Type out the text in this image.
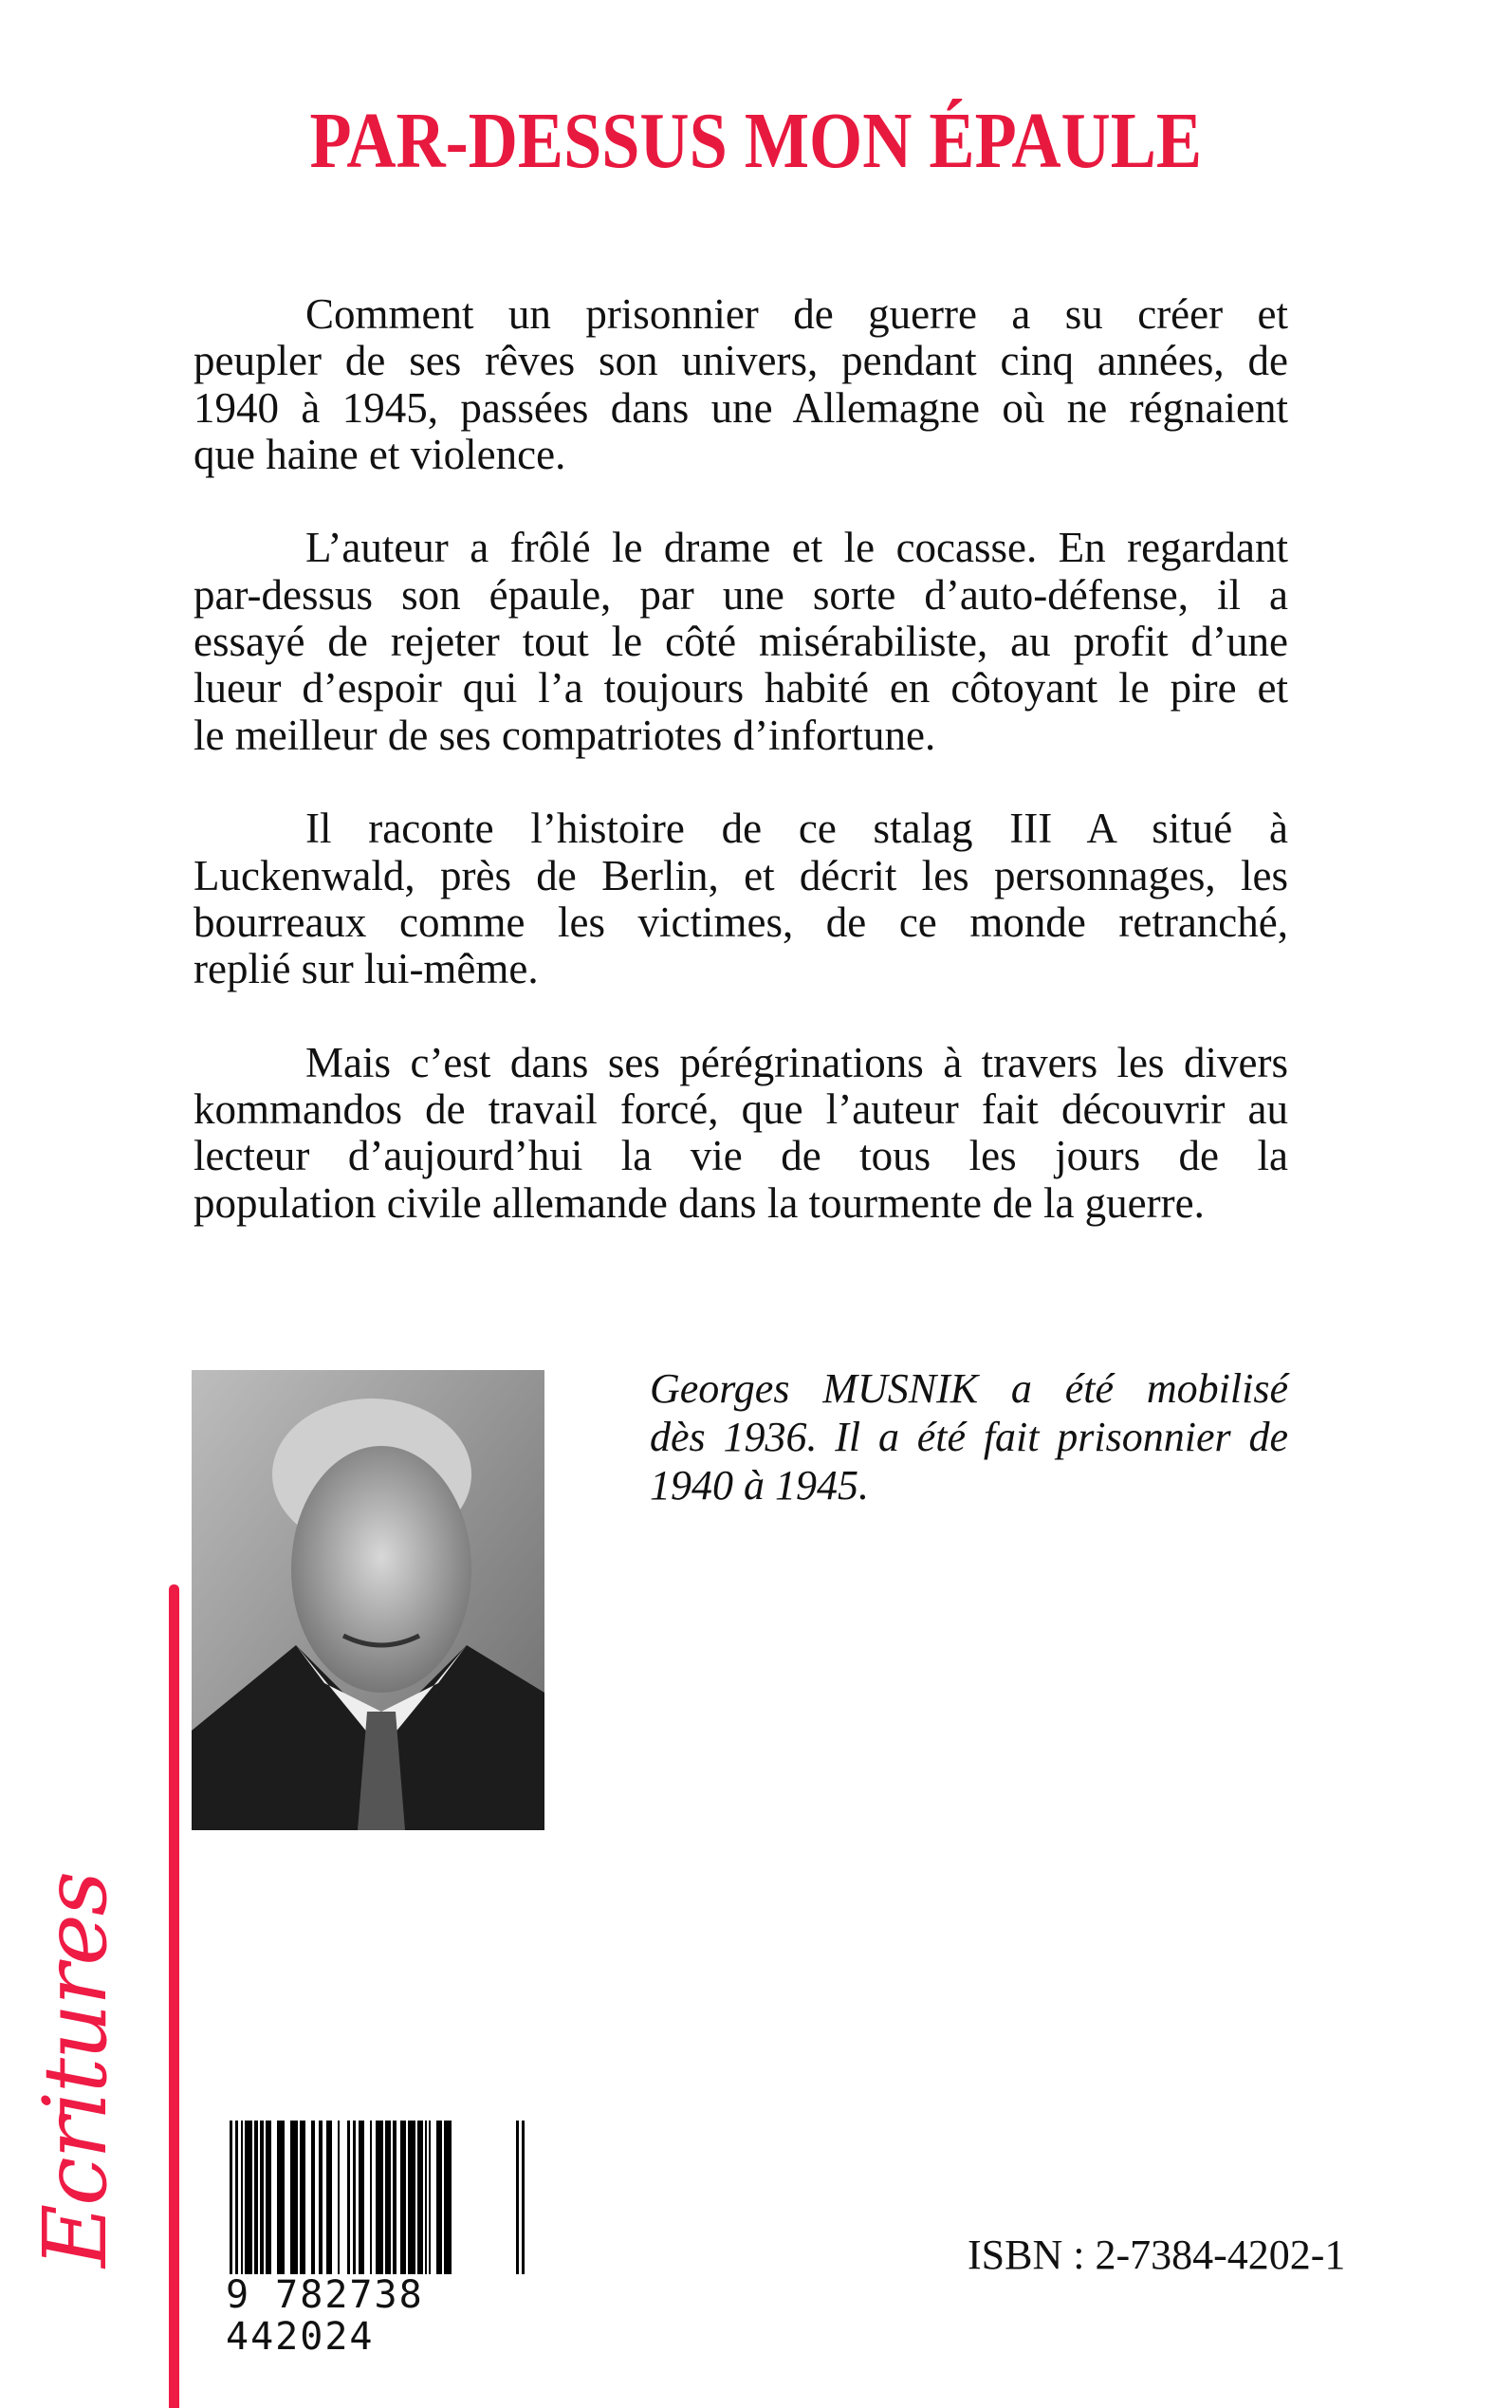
PAR-DESSUS MON ÉPAULE
Comment un prisonnier de guerre a su créer et
peupler de ses rêves son univers, pendant cinq années, de
1940 à 1945, passées dans une Allemagne où ne régnaient
que haine et violence.
L’auteur a frôlé le drame et le cocasse. En regardant
par-dessus son épaule, par une sorte d’auto-défense, il a
essayé de rejeter tout le côté misérabiliste, au profit d’une
lueur d’espoir qui l’a toujours habité en côtoyant le pire et
le meilleur de ses compatriotes d’infortune.
Il raconte l’histoire de ce stalag III A situé à
Luckenwald, près de Berlin, et décrit les personnages, les
bourreaux comme les victimes, de ce monde retranché,
replié sur lui-même.
Mais c’est dans ses pérégrinations à travers les divers
kommandos de travail forcé, que l’auteur fait découvrir au
lecteur d’aujourd’hui la vie de tous les jours de la
population civile allemande dans la tourmente de la guerre.
Georges MUSNIK a été mobilisé
dès 1936. Il a été fait prisonnier de
1940 à 1945.
Ecritures
9 782738 442024
ISBN : 2-7384-4202-1
